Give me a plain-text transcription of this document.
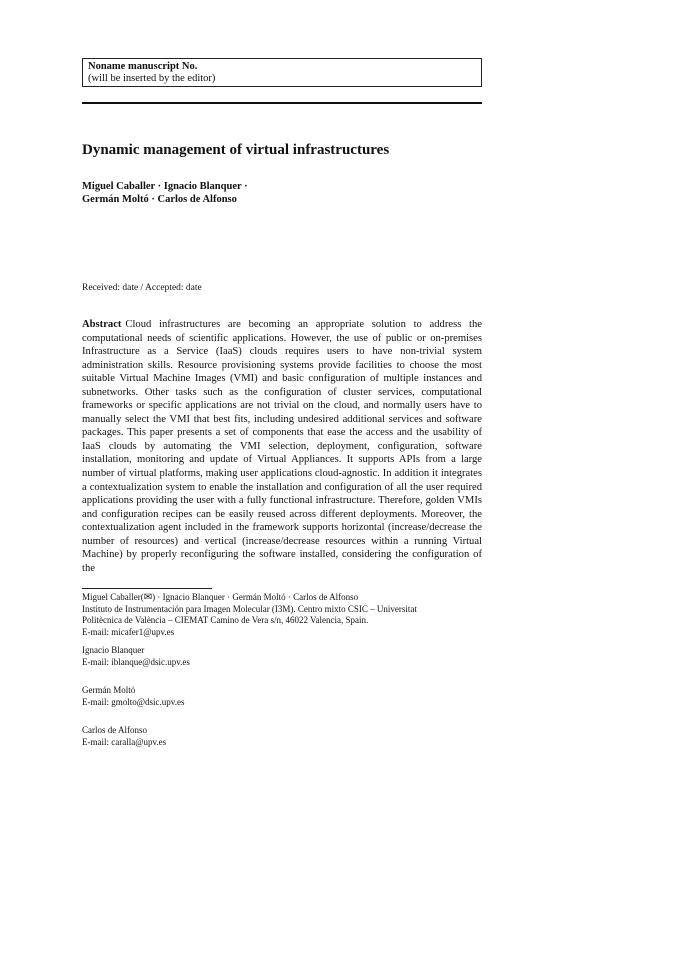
Noname manuscript No.
(will be inserted by the editor)
Dynamic management of virtual infrastructures
Miguel Caballer · Ignacio Blanquer ·
Germán Moltó · Carlos de Alfonso
Received: date / Accepted: date
Abstract Cloud infrastructures are becoming an appropriate solution to address the computational needs of scientific applications. However, the use of public or on-premises Infrastructure as a Service (IaaS) clouds requires users to have non-trivial system administration skills. Resource provisioning systems provide facilities to choose the most suitable Virtual Machine Images (VMI) and basic configuration of multiple instances and subnetworks. Other tasks such as the configuration of cluster services, computational frameworks or specific applications are not trivial on the cloud, and normally users have to manually select the VMI that best fits, including undesired additional services and software packages. This paper presents a set of components that ease the access and the usability of IaaS clouds by automating the VMI selection, deployment, configuration, software installation, monitoring and update of Virtual Appliances. It supports APIs from a large number of virtual platforms, making user applications cloud-agnostic. In addition it integrates a contextualization system to enable the installation and configuration of all the user required applications providing the user with a fully functional infrastructure. Therefore, golden VMIs and configuration recipes can be easily reused across different deployments. Moreover, the contextualization agent included in the framework supports horizontal (increase/decrease the number of resources) and vertical (increase/decrease resources within a running Virtual Machine) by properly reconfiguring the software installed, considering the configuration of the

Miguel Caballer(✉) · Ignacio Blanquer · Germán Moltó · Carlos de Alfonso

Instituto de Instrumentación para Imagen Molecular (I3M). Centro mixto CSIC – Universitat

Politècnica de València – CIEMAT Camino de Vera s/n, 46022 Valencia, Spain.

E-mail: micafer1@upv.es

Ignacio Blanquer

E-mail: iblanque@dsic.upv.es

Germán Moltó

E-mail: gmolto@dsic.upv.es

Carlos de Alfonso

E-mail: caralla@upv.es
